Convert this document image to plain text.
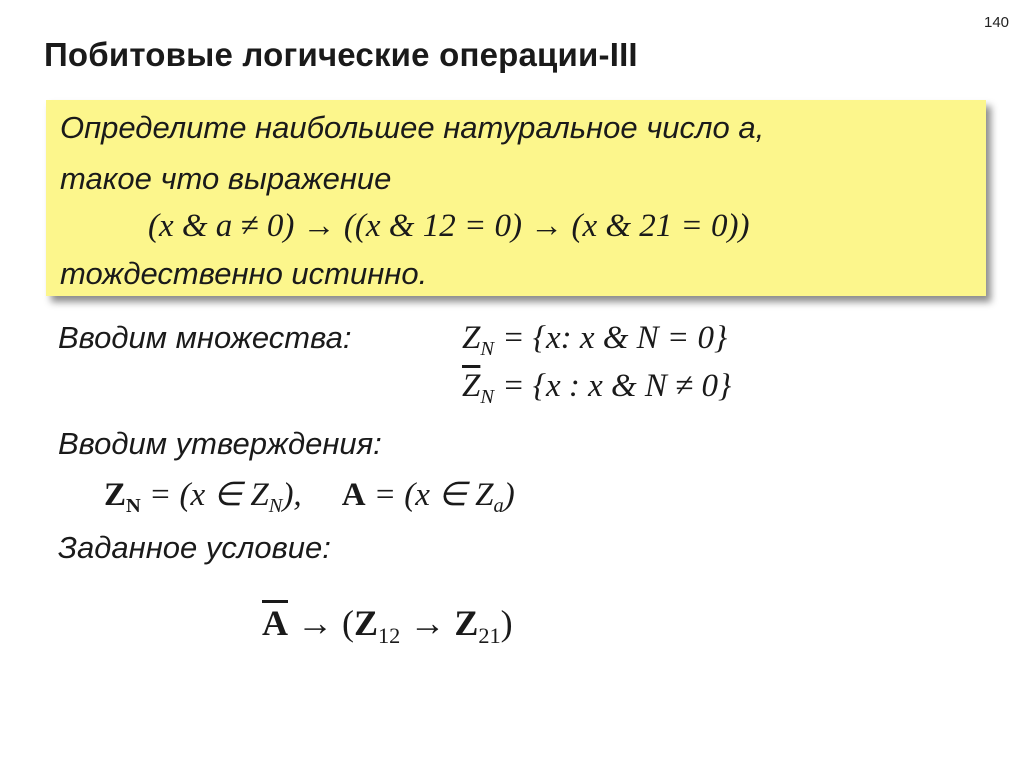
140
Побитовые логические операции-III
Определите наибольшее натуральное число a,
такое что выражение
(x & a ≠ 0) → ((x & 12 = 0) → (x & 21 = 0))
тождественно истинно.
Вводим множества:	$Z_N = \{x$: x & N = 0}
$\overline{Z}_N = \{x$ : x & N ≠ 0}
Вводим утверждения:
$Z_N = (x$ ∈ $Z_N$), A = (x ∈ $Z_a$)
Заданное условие:
$\overline{A} \to (Z_{12} \to Z_{21})$
